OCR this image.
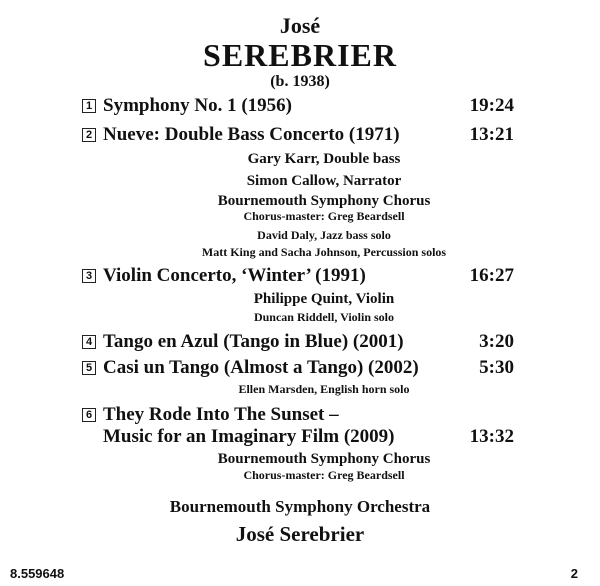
José
SEREBRIER
(b. 1938)
1 Symphony No. 1 (1956)	19:24
2 Nueve: Double Bass Concerto (1971)	13:21
Gary Karr, Double bass
Simon Callow, Narrator
Bournemouth Symphony Chorus
Chorus-master: Greg Beardsell
David Daly, Jazz bass solo
Matt King and Sacha Johnson, Percussion solos
3 Violin Concerto, ‘Winter’ (1991)	16:27
Philippe Quint, Violin
Duncan Riddell, Violin solo
4 Tango en Azul (Tango in Blue) (2001)	3:20
5 Casi un Tango (Almost a Tango) (2002)	5:30
Ellen Marsden, English horn solo
6 They Rode Into The Sunset –
Music for an Imaginary Film (2009)	13:32
Bournemouth Symphony Chorus
Chorus-master: Greg Beardsell
Bournemouth Symphony Orchestra
José Serebrier
8.559648	2
